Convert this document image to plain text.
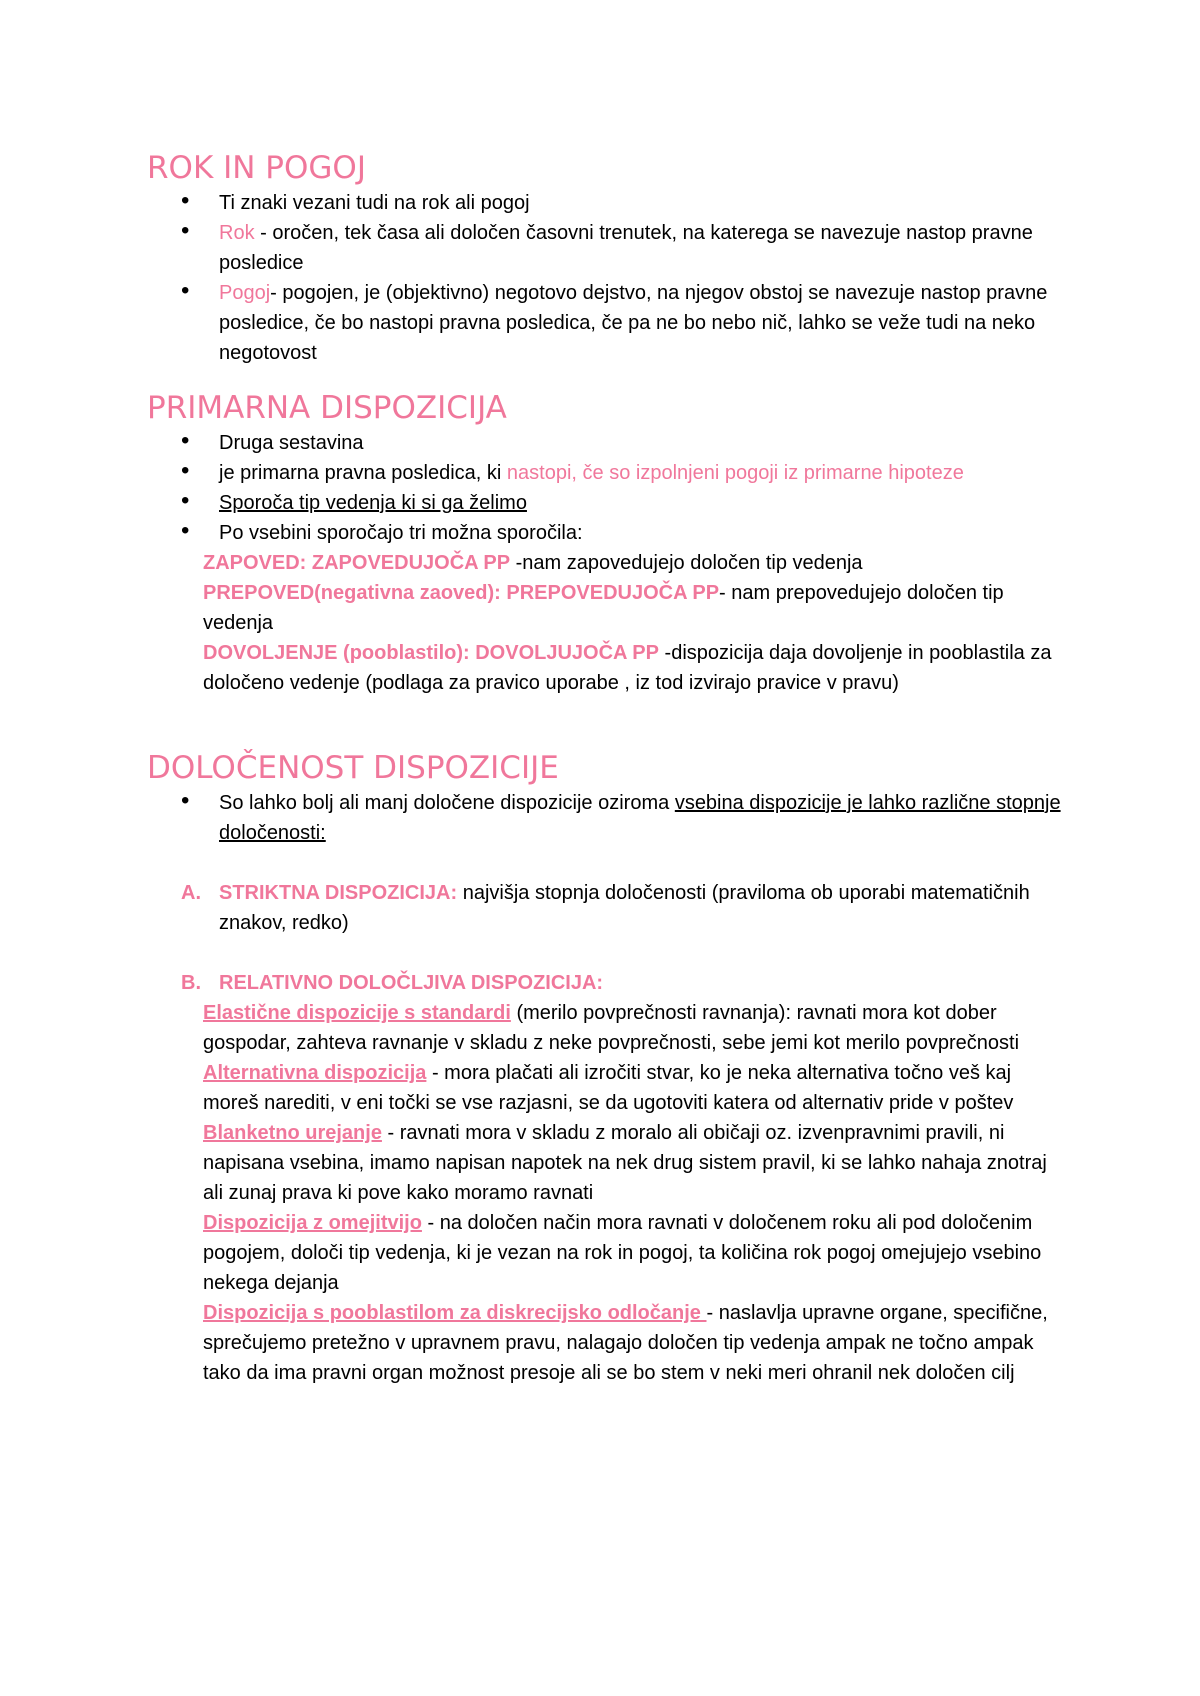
ROK IN POGOJ
• Ti znaki vezani tudi na rok ali pogoj
• Rok - oročen, tek časa ali določen časovni trenutek, na katerega se navezuje nastop pravne posledice
• Pogoj- pogojen, je (objektivno) negotovo dejstvo, na njegov obstoj se navezuje nastop pravne posledice, če bo nastopi pravna posledica, če pa ne bo nebo nič, lahko se veže tudi na neko negotovost
PRIMARNA DISPOZICIJA
• Druga sestavina
• je primarna pravna posledica, ki nastopi, če so izpolnjeni pogoji iz primarne hipoteze
• Sporoča tip vedenja ki si ga želimo
• Po vsebini sporočajo tri možna sporočila:
ZAPOVED: ZAPOVEDUJOČA PP -nam zapovedujejo določen tip vedenja
PREPOVED(negativna zaoved): PREPOVEDUJOČA PP- nam prepovedujejo določen tip vedenja
DOVOLJENJE (pooblastilo): DOVOLJUJOČA PP -dispozicija daja dovoljenje in pooblastila za določeno vedenje (podlaga za pravico uporabe , iz tod izvirajo pravice v pravu)
DOLOČENOST DISPOZICIJE
• So lahko bolj ali manj določene dispozicije oziroma vsebina dispozicije je lahko različne stopnje določenosti:
A. STRIKTNA DISPOZICIJA: najvišja stopnja določenosti (praviloma ob uporabi matematičnih znakov, redko)
B. RELATIVNO DOLOČLJIVA DISPOZICIJA:
Elastične dispozicije s standardi (merilo povprečnosti ravnanja): ravnati mora kot dober gospodar, zahteva ravnanje v skladu z neke povprečnosti, sebe jemi kot merilo povprečnosti
Alternativna dispozicija - mora plačati ali izročiti stvar, ko je neka alternativa točno veš kaj moreš narediti, v eni točki se vse razjasni, se da ugotoviti katera od alternativ pride v poštev
Blanketno urejanje - ravnati mora v skladu z moralo ali običaji oz. izvenpravnimi pravili, ni napisana vsebina, imamo napisan napotek na nek drug sistem pravil, ki se lahko nahaja znotraj ali zunaj prava ki pove kako moramo ravnati
Dispozicija z omejitvijo - na določen način mora ravnati v določenem roku ali pod določenim pogojem, določi tip vedenja, ki je vezan na rok in pogoj, ta količina rok pogoj omejujejo vsebino nekega dejanja
Dispozicija s pooblastilom za diskrecijsko odločanje - naslavlja upravne organe, specifične, sprečujemo pretežno v upravnem pravu, nalagajo določen tip vedenja ampak ne točno ampak tako da ima pravni organ možnost presoje ali se bo stem v neki meri ohranil nek določen cilj
